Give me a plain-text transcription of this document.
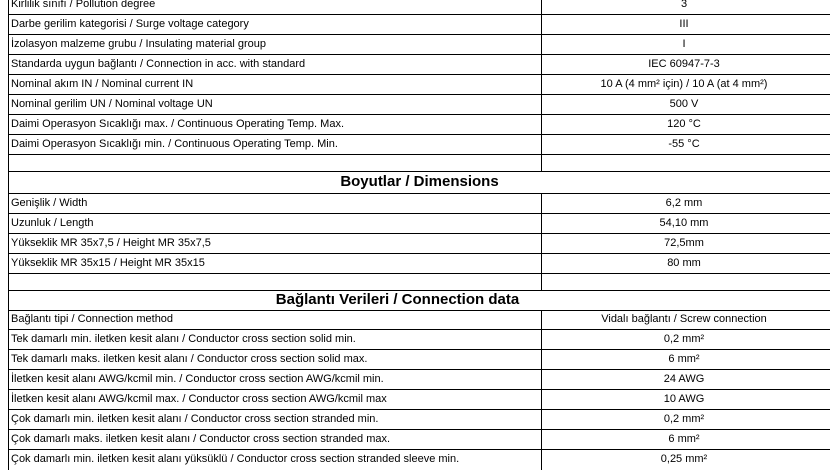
Kirlilik sınıfı / Pollution degree	3
Darbe gerilim kategorisi / Surge voltage category	III
İzolasyon malzeme grubu / Insulating material group	I
Standarda uygun bağlantı / Connection in acc. with standard	IEC 60947-7-3
Nominal akım IN / Nominal current IN	10 A (4 mm² için) / 10 A (at 4 mm²)
Nominal gerilim UN / Nominal voltage UN	500 V
Daimi Operasyon Sıcaklığı max. / Continuous Operating Temp. Max.	120 °C
Daimi Operasyon Sıcaklığı min. / Continuous Operating Temp. Min.	-55 °C
Boyutlar / Dimensions
Genişlik / Width	6,2 mm
Uzunluk / Length	54,10 mm
Yükseklik MR 35x7,5 / Height MR 35x7,5	72,5mm
Yükseklik MR 35x15 / Height MR 35x15	80 mm
Bağlantı Verileri / Connection data
Bağlantı tipi / Connection method	Vidalı bağlantı / Screw connection
Tek damarlı min. iletken kesit alanı / Conductor cross section solid min.	0,2 mm²
Tek damarlı maks. iletken kesit alanı / Conductor cross section solid max.	6 mm²
İletken kesit alanı AWG/kcmil min. / Conductor cross section AWG/kcmil min.	24 AWG
İletken kesit alanı AWG/kcmil max. / Conductor cross section AWG/kcmil max	10 AWG
Çok damarlı min. iletken kesit alanı / Conductor cross section stranded min.	0,2 mm²
Çok damarlı maks. iletken kesit alanı / Conductor cross section stranded max.	6 mm²
Çok damarlı min. iletken kesit alanı yüksüklü / Conductor cross section stranded sleeve min.	0,25 mm²
